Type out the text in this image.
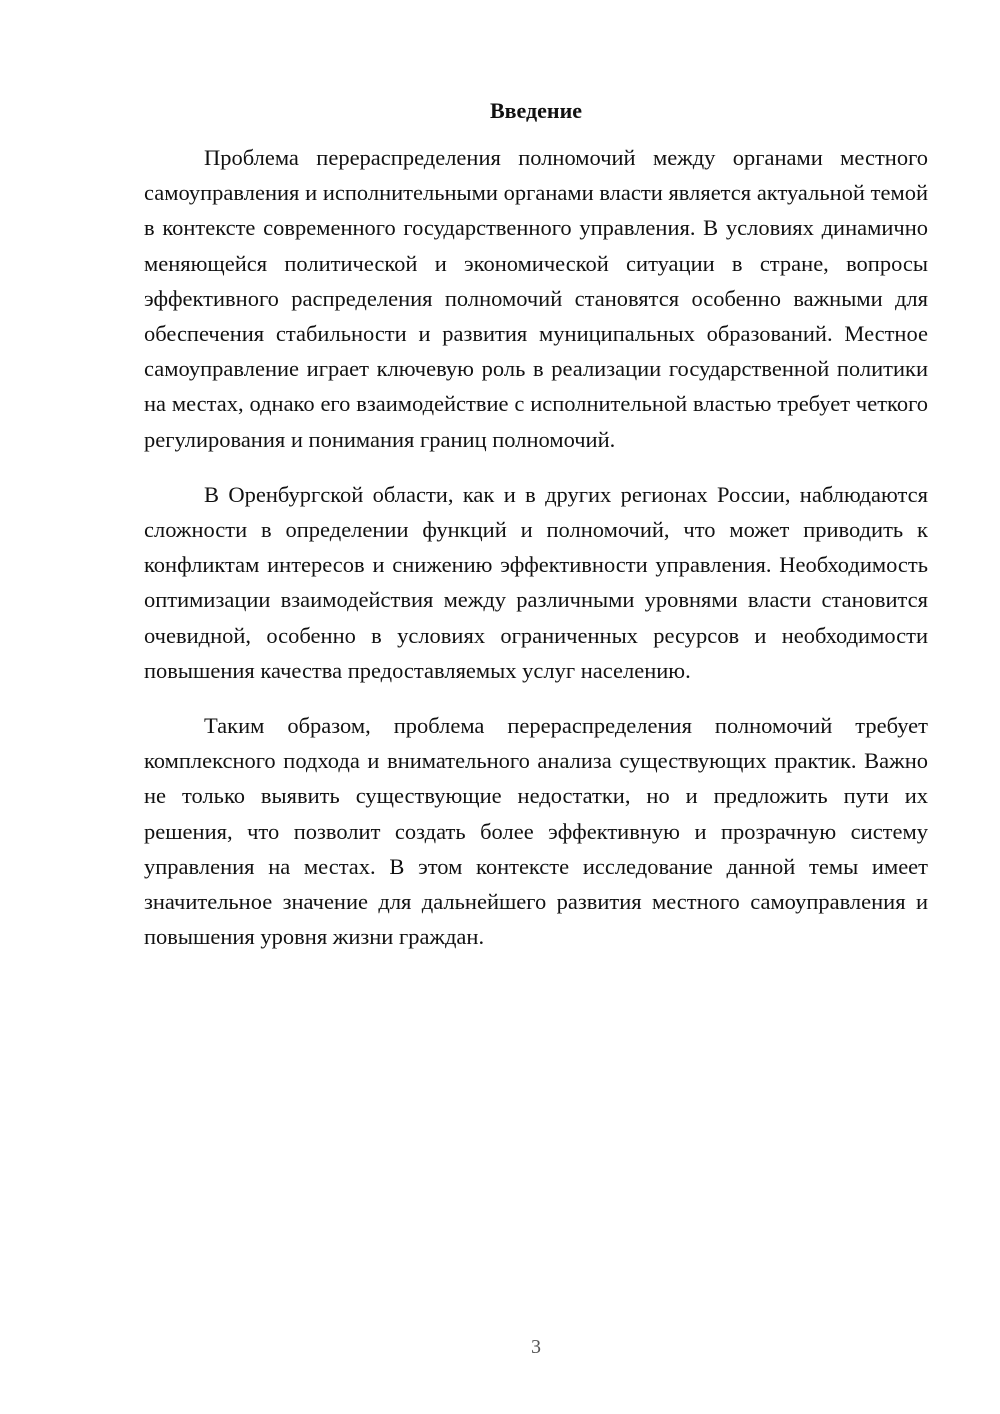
Введение

Проблема перераспределения полномочий между органами местного самоуправления и исполнительными органами власти является актуальной темой в контексте современного государственного управления. В условиях динамично меняющейся политической и экономической ситуации в стране, вопросы эффективного распределения полномочий становятся особенно важными для обеспечения стабильности и развития муниципальных образований. Местное самоуправление играет ключевую роль в реализации государственной политики на местах, однако его взаимодействие с исполнительной властью требует четкого регулирования и понимания границ полномочий.

В Оренбургской области, как и в других регионах России, наблюдаются сложности в определении функций и полномочий, что может приводить к конфликтам интересов и снижению эффективности управления. Необходимость оптимизации взаимодействия между различными уровнями власти становится очевидной, особенно в условиях ограниченных ресурсов и необходимости повышения качества предоставляемых услуг населению.

Таким образом, проблема перераспределения полномочий требует комплексного подхода и внимательного анализа существующих практик. Важно не только выявить существующие недостатки, но и предложить пути их решения, что позволит создать более эффективную и прозрачную систему управления на местах. В этом контексте исследование данной темы имеет значительное значение для дальнейшего развития местного самоуправления и повышения уровня жизни граждан.

3
